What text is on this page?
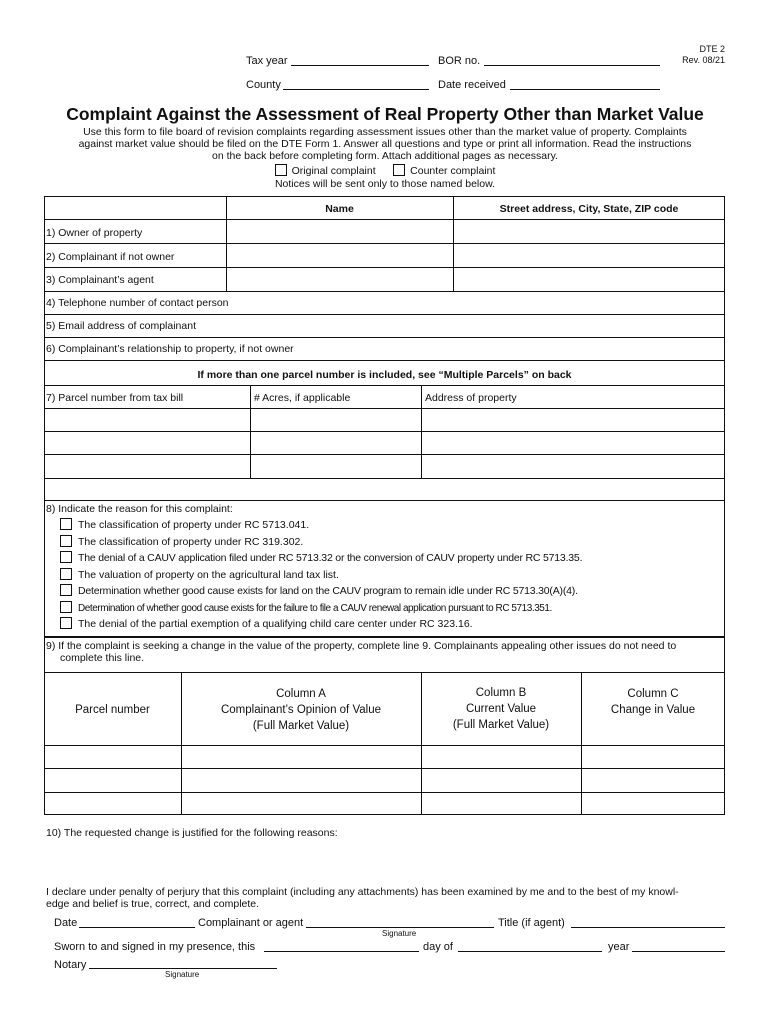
Tax year	BOR no.
County	Date received
DTE 2
Rev. 08/21
Complaint Against the Assessment of Real Property Other than Market Value
Use this form to file board of revision complaints regarding assessment issues other than the market value of property. Complaints
against market value should be filed on the DTE Form 1. Answer all questions and type or print all information. Read the instructions
on the back before completing form. Attach additional pages as necessary.
Original complaint	Counter complaint
Notices will be sent only to those named below.
Name	Street address, City, State, ZIP code
1) Owner of property
2) Complainant if not owner
3) Complainant’s agent
4) Telephone number of contact person
5) Email address of complainant
6) Complainant’s relationship to property, if not owner
If more than one parcel number is included, see “Multiple Parcels” on back
7) Parcel number from tax bill	# Acres, if applicable	Address of property
8) Indicate the reason for this complaint:
The classification of property under RC 5713.041.
The classification of property under RC 319.302.
The denial of a CAUV application filed under RC 5713.32 or the conversion of CAUV property under RC 5713.35.
The valuation of property on the agricultural land tax list.
Determination whether good cause exists for land on the CAUV program to remain idle under RC 5713.30(A)(4).
Determination of whether good cause exists for the failure to file a CAUV renewal application pursuant to RC 5713.351.
The denial of the partial exemption of a qualifying child care center under RC 323.16.
9) If the complaint is seeking a change in the value of the property, complete line 9. Complainants appealing other issues do not need to
complete this line.
Parcel number
Column A
Complainant’s Opinion of Value
(Full Market Value)
Column B
Current Value
(Full Market Value)
Column C
Change in Value
10) The requested change is justified for the following reasons:
I declare under penalty of perjury that this complaint (including any attachments) has been examined by me and to the best of my knowl-
edge and belief is true, correct, and complete.
Date	Complainant or agent
Signature
Title (if agent)
Sworn to and signed in my presence, this	day of	year
Notary
Signature
